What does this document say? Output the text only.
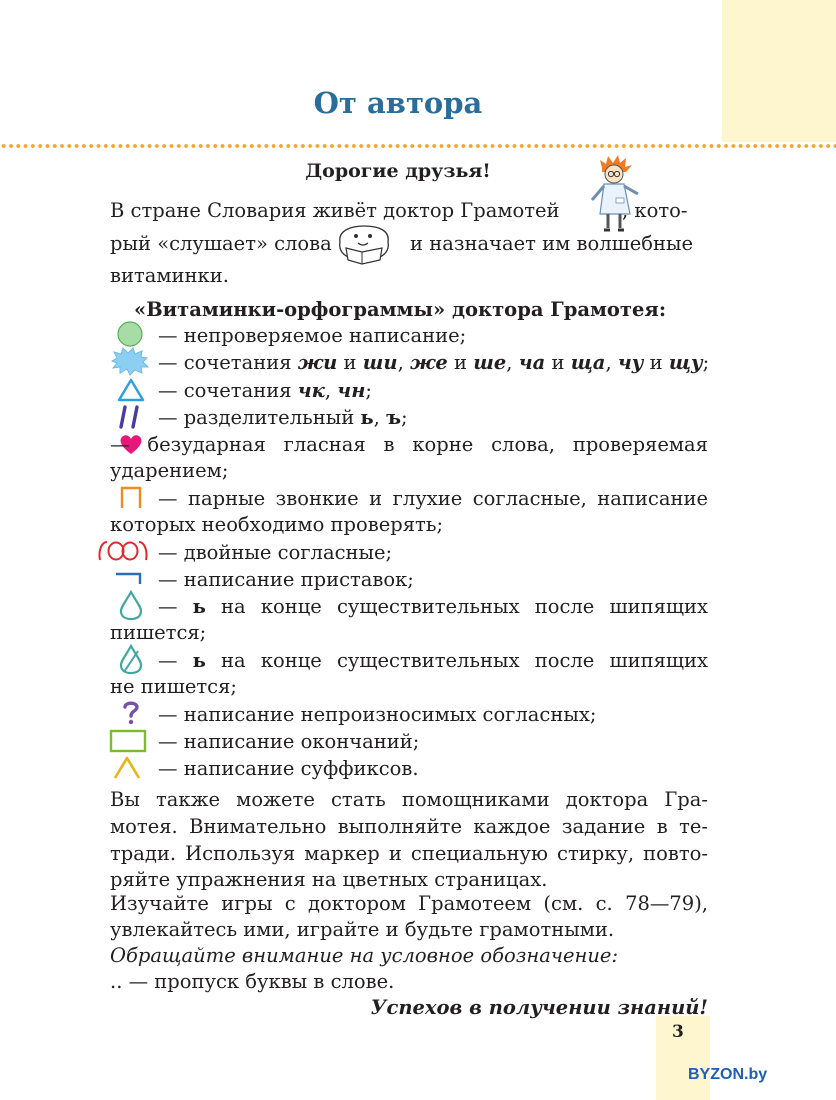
От автора
Дорогие друзья!
В стране Словария живёт доктор Грамотей	, кото-
рый «слушает» слова	и назначает им волшебные
витаминки.
«Витаминки-орфограммы» доктора Грамотея:
— непроверяемое написание;
— сочетания жи и ши, же и ше, ча и ща, чу и щу;
— сочетания чк, чн;
— разделительный ь, ъ;
— безударная гласная в корне слова, проверяемая
ударением;
— парные звонкие и глухие согласные, написание
которых необходимо проверять;
— двойные согласные;
— написание приставок;
— ь на конце существительных после шипящих
пишется;
— ь на конце существительных после шипящих
не пишется;
— написание непроизносимых согласных;
— написание окончаний;
— написание суффиксов.
Вы также можете стать помощниками доктора Гра-
мотея. Внимательно выполняйте каждое задание в те-
тради. Используя маркер и специальную стирку, повто-
ряйте упражнения на цветных страницах.
Изучайте игры с доктором Грамотеем (см. с. 78—79),
увлекайтесь ими, играйте и будьте грамотными.
Обращайте внимание на условное обозначение:
.. — пропуск буквы в слове.
Успехов в получении знаний!
3
BYZON.by
